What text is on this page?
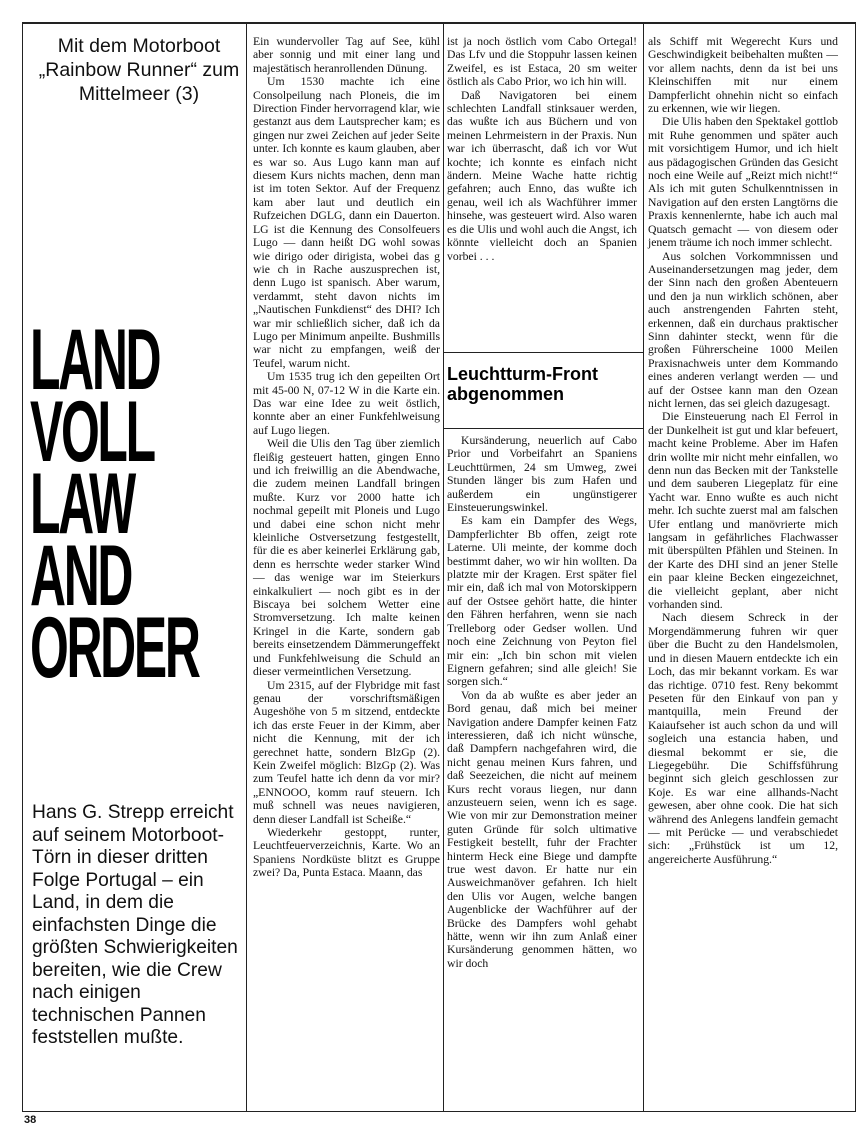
Mit dem Motorboot „Rainbow Runner“ zum Mittelmeer (3)
LAND
VOLL
LAW
AND
ORDER
Hans G. Strepp erreicht auf seinem Motorboot-Törn in dieser dritten Folge Portugal – ein Land, in dem die einfachsten Dinge die größten Schwierigkeiten bereiten, wie die Crew nach einigen technischen Pannen feststellen mußte.

Ein wundervoller Tag auf See, kühl aber sonnig und mit einer lang und majestätisch heranrollenden Dünung.

Um 1530 machte ich eine Consolpeilung nach Ploneis, die im Direction Finder hervorragend klar, wie gestanzt aus dem Lautsprecher kam; es gingen nur zwei Zeichen auf jeder Seite unter. Ich konnte es kaum glauben, aber es war so. Aus Lugo kann man auf diesem Kurs nichts machen, denn man ist im toten Sektor. Auf der Frequenz kam aber laut und deutlich ein Rufzeichen DGLG, dann ein Dauerton. LG ist die Kennung des Consolfeuers Lugo — dann heißt DG wohl sowas wie dirigo oder dirigista, wobei das g wie ch in Rache auszusprechen ist, denn Lugo ist spanisch. Aber warum, verdammt, steht davon nichts im „Nautischen Funkdienst“ des DHI? Ich war mir schließlich sicher, daß ich da Lugo per Minimum anpeilte. Bushmills war nicht zu empfangen, weiß der Teufel, warum nicht.

Um 1535 trug ich den gepeilten Ort mit 45-00 N, 07-12 W in die Karte ein. Das war eine Idee zu weit östlich, konnte aber an einer Funkfehlweisung auf Lugo liegen.

Weil die Ulis den Tag über ziemlich fleißig gesteuert hatten, gingen Enno und ich freiwillig an die Abendwache, die zudem meinen Landfall bringen mußte. Kurz vor 2000 hatte ich nochmal gepeilt mit Ploneis und Lugo und dabei eine schon nicht mehr kleinliche Ostversetzung festgestellt, für die es aber keinerlei Erklärung gab, denn es herrschte weder starker Wind — das wenige war im Steierkurs einkalkuliert — noch gibt es in der Biscaya bei solchem Wetter eine Stromversetzung. Ich malte keinen Kringel in die Karte, sondern gab bereits einsetzendem Dämmerungeffekt und Funkfehlweisung die Schuld an dieser vermeintlichen Versetzung.

Um 2315, auf der Flybridge mit fast genau der vorschriftsmäßigen Augeshöhe von 5 m sitzend, entdeckte ich das erste Feuer in der Kimm, aber nicht die Kennung, mit der ich gerechnet hatte, sondern BlzGp (2). Kein Zweifel möglich: BlzGp (2). Was zum Teufel hatte ich denn da vor mir? „ENNOOO, komm rauf steuern. Ich muß schnell was neues navigieren, denn dieser Landfall ist Scheiße.“

Wiederkehr gestoppt, runter, Leuchtfeuerverzeichnis, Karte. Wo an Spaniens Nordküste blitzt es Gruppe zwei? Da, Punta Estaca. Maann, das

ist ja noch östlich vom Cabo Ortegal! Das Lfv und die Stoppuhr lassen keinen Zweifel, es ist Estaca, 20 sm weiter östlich als Cabo Prior, wo ich hin will.

Daß Navigatoren bei einem schlechten Landfall stinksauer werden, das wußte ich aus Büchern und von meinen Lehrmeistern in der Praxis. Nun war ich überrascht, daß ich vor Wut kochte; ich konnte es einfach nicht ändern. Meine Wache hatte richtig gefahren; auch Enno, das wußte ich genau, weil ich als Wachführer immer hinsehe, was gesteuert wird. Also waren es die Ulis und wohl auch die Angst, ich könnte vielleicht doch an Spanien vorbei . . .

Leuchtturm-Front abgenommen

Kursänderung, neuerlich auf Cabo Prior und Vorbeifahrt an Spaniens Leuchttürmen, 24 sm Umweg, zwei Stunden länger bis zum Hafen und außerdem ein ungünstigerer Einsteuerungswinkel.

Es kam ein Dampfer des Wegs, Dampferlichter Bb offen, zeigt rote Laterne. Uli meinte, der komme doch bestimmt daher, wo wir hin wollten. Da platzte mir der Kragen. Erst später fiel mir ein, daß ich mal von Motorskippern auf der Ostsee gehört hatte, die hinter den Fähren herfahren, wenn sie nach Trelleborg oder Gedser wollen. Und noch eine Zeichnung von Peyton fiel mir ein: „Ich bin schon mit vielen Eignern gefahren; sind alle gleich! Sie sorgen sich.“

Von da ab wußte es aber jeder an Bord genau, daß mich bei meiner Navigation andere Dampfer keinen Fatz interessieren, daß ich nicht wünsche, daß Dampfern nachgefahren wird, die nicht genau meinen Kurs fahren, und daß Seezeichen, die nicht auf meinem Kurs recht voraus liegen, nur dann anzusteuern seien, wenn ich es sage. Wie von mir zur Demonstration meiner guten Gründe für solch ultimative Festigkeit bestellt, fuhr der Frachter hinterm Heck eine Biege und dampfte true west davon. Er hatte nur ein Ausweichmanöver gefahren. Ich hielt den Ulis vor Augen, welche bangen Augenblicke der Wachführer auf der Brücke des Dampfers wohl gehabt hätte, wenn wir ihn zum Anlaß einer Kursänderung genommen hätten, wo wir doch

als Schiff mit Wegerecht Kurs und Geschwindigkeit beibehalten mußten — vor allem nachts, denn da ist bei uns Kleinschiffen mit nur einem Dampferlicht ohnehin nicht so einfach zu erkennen, wie wir liegen.

Die Ulis haben den Spektakel gottlob mit Ruhe genommen und später auch mit vorsichtigem Humor, und ich hielt aus pädagogischen Gründen das Gesicht noch eine Weile auf „Reizt mich nicht!“ Als ich mit guten Schulkenntnissen in Navigation auf den ersten Langtörns die Praxis kennenlernte, habe ich auch mal Quatsch gemacht — von diesem oder jenem träume ich noch immer schlecht.

Aus solchen Vorkommnissen und Auseinandersetzungen mag jeder, dem der Sinn nach den großen Abenteuern und den ja nun wirklich schönen, aber auch anstrengenden Fahrten steht, erkennen, daß ein durchaus praktischer Sinn dahinter steckt, wenn für die großen Führerscheine 1000 Meilen Praxisnachweis unter dem Kommando eines anderen verlangt werden — und auf der Ostsee kann man den Ozean nicht lernen, das sei gleich dazugesagt.

Die Einsteuerung nach El Ferrol in der Dunkelheit ist gut und klar befeuert, macht keine Probleme. Aber im Hafen drin wollte mir nicht mehr einfallen, wo denn nun das Becken mit der Tankstelle und dem sauberen Liegeplatz für eine Yacht war. Enno wußte es auch nicht mehr. Ich suchte zuerst mal am falschen Ufer entlang und manövrierte mich langsam in gefährliches Flachwasser mit überspülten Pfählen und Steinen. In der Karte des DHI sind an jener Stelle ein paar kleine Becken eingezeichnet, die vielleicht geplant, aber nicht vorhanden sind.

Nach diesem Schreck in der Morgendämmerung fuhren wir quer über die Bucht zu den Handelsmolen, und in diesen Mauern entdeckte ich ein Loch, das mir bekannt vorkam. Es war das richtige. 0710 fest. Reny bekommt Peseten für den Einkauf von pan y mantquilla, mein Freund der Kaiaufseher ist auch schon da und will sogleich una estancia haben, und diesmal bekommt er sie, die Liegegebühr. Die Schiffsführung beginnt sich gleich geschlossen zur Koje. Es war eine allhands-Nacht gewesen, aber ohne cook. Die hat sich während des Anlegens landfein gemacht — mit Perücke — und verabschiedet sich: „Frühstück ist um 12, angereicherte Ausführung.“

38
